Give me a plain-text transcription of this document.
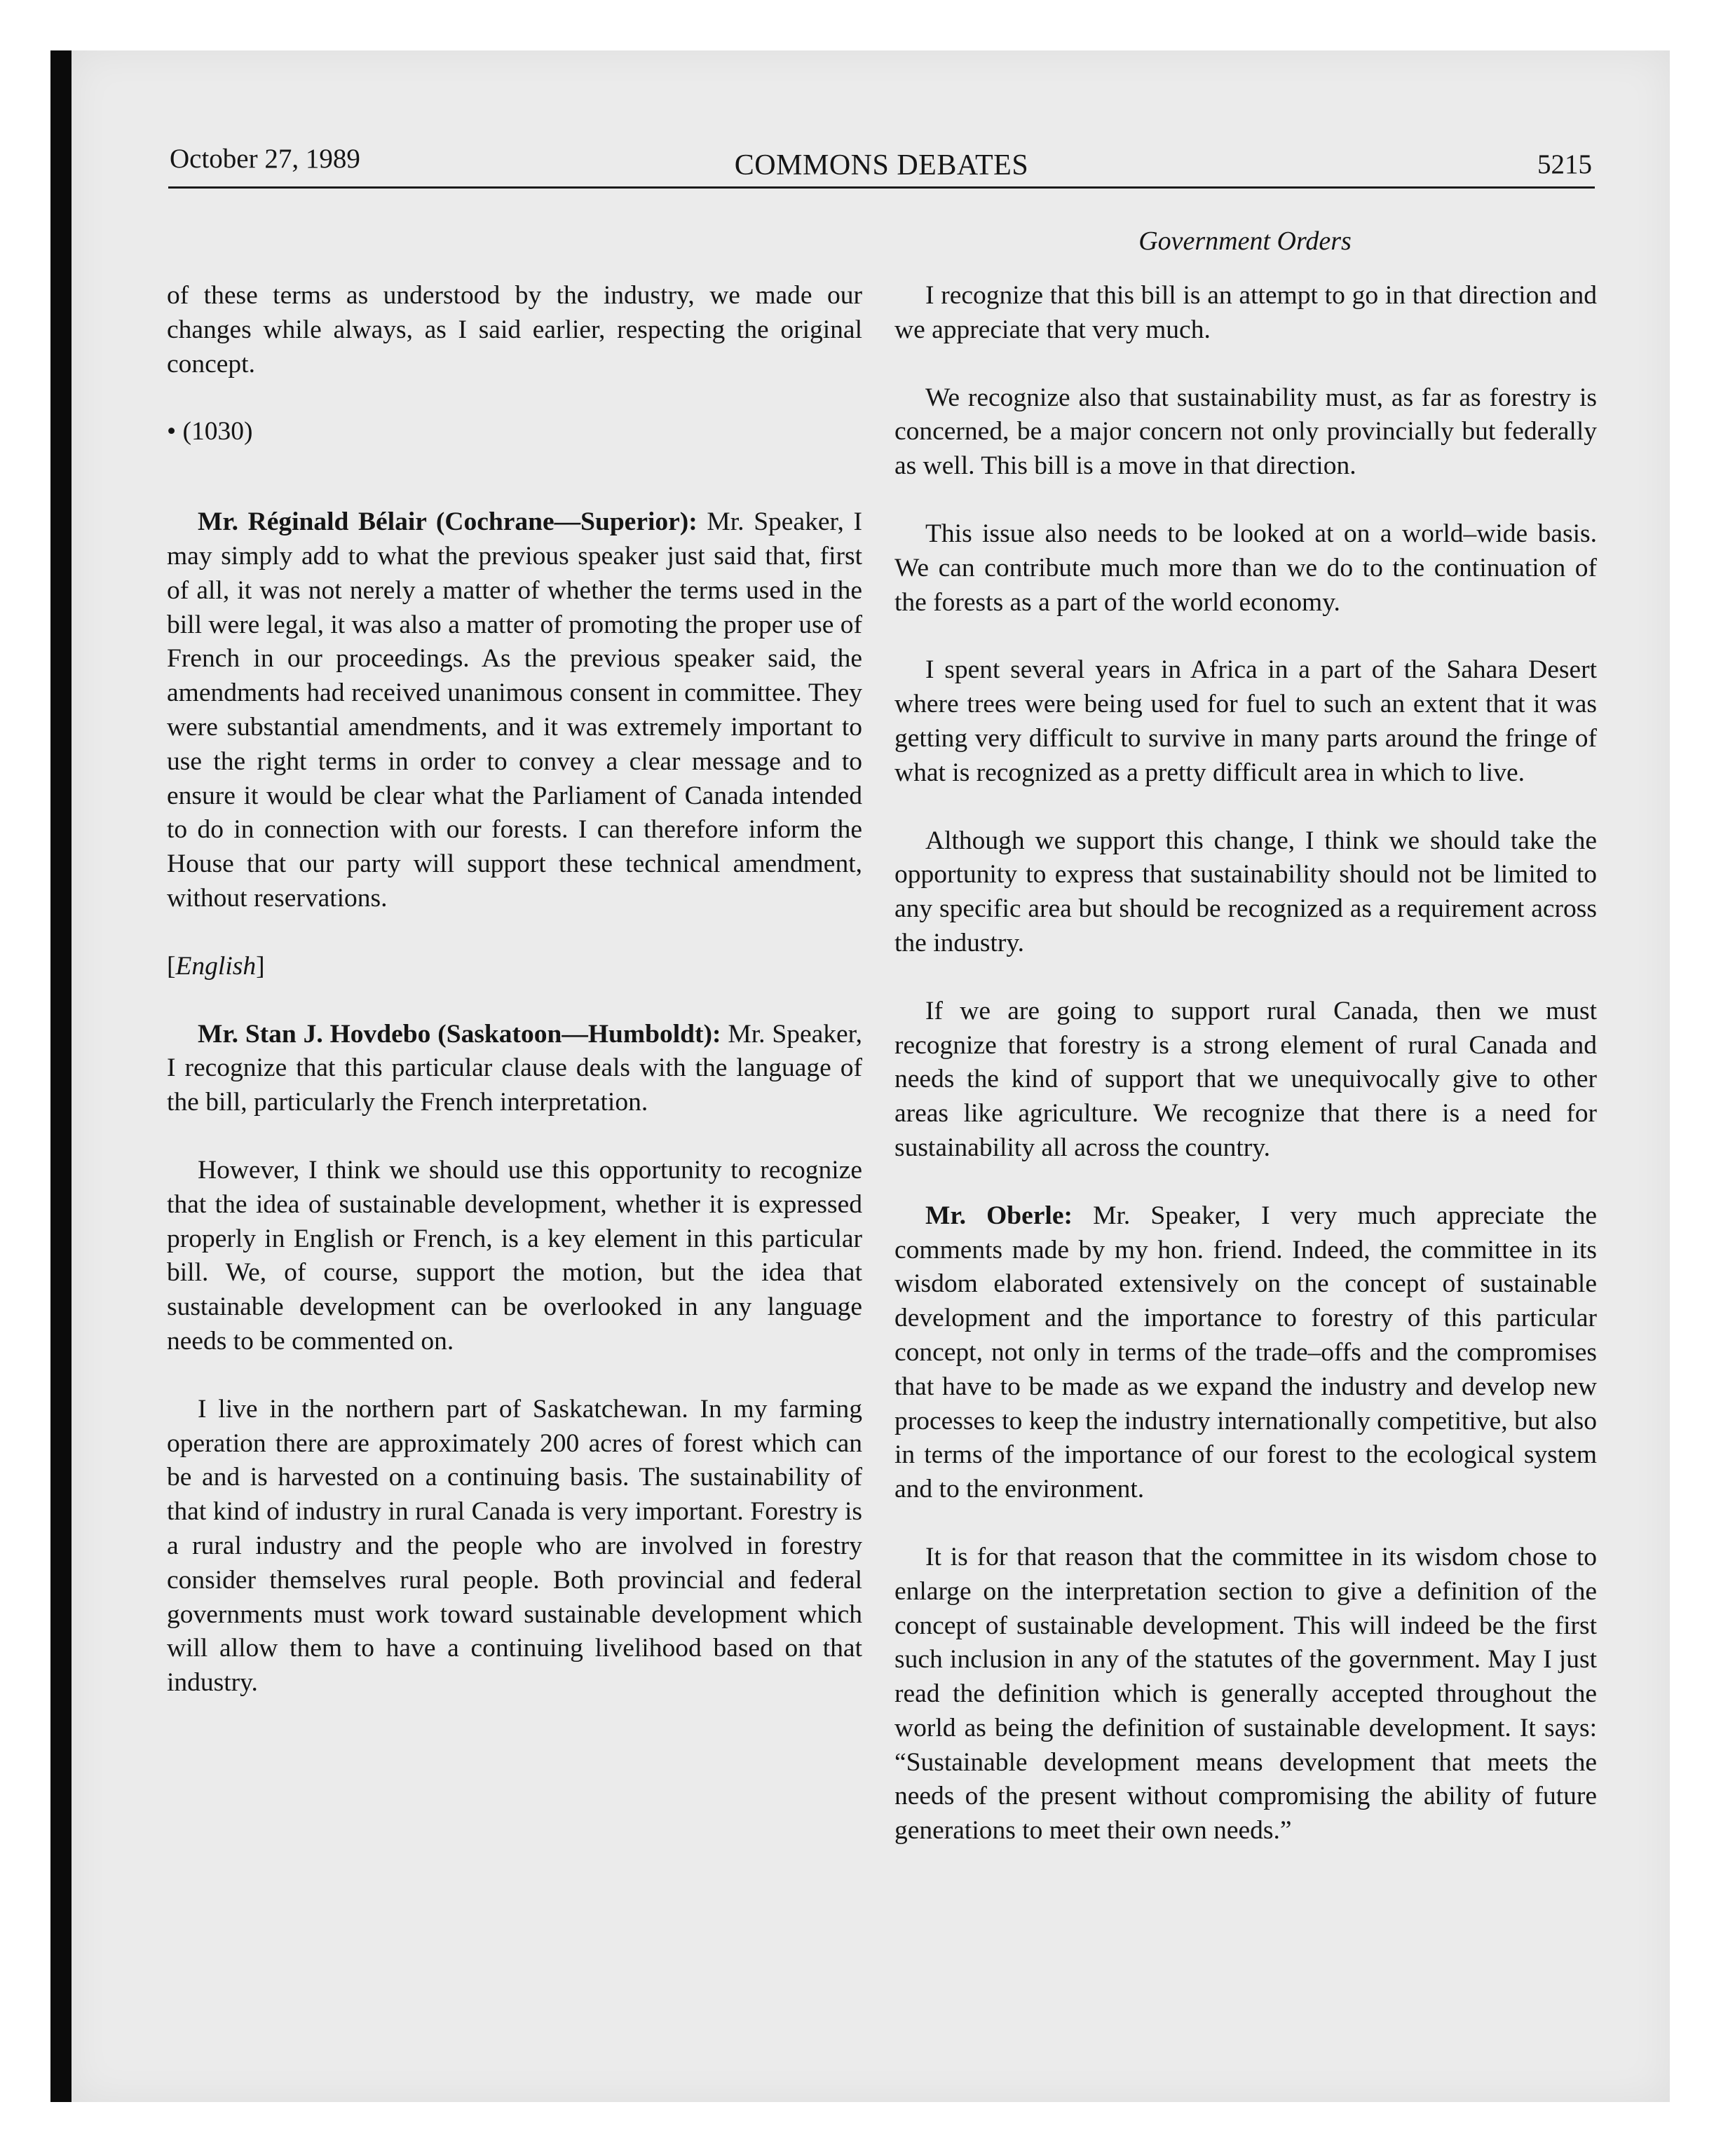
October 27, 1989	COMMONS DEBATES	5215
Government Orders

of these terms as understood by the industry, we made our changes while always, as I said earlier, respecting the original concept.

• (1030)

Mr. Réginald Bélair (Cochrane—Superior): Mr. Speaker, I may simply add to what the previous speaker just said that, first of all, it was not nerely a matter of whether the terms used in the bill were legal, it was also a matter of promoting the proper use of French in our proceedings. As the previous speaker said, the amendments had received unanimous consent in committee. They were substantial amendments, and it was extremely important to use the right terms in order to convey a clear message and to ensure it would be clear what the Parliament of Canada intended to do in connection with our forests. I can therefore inform the House that our party will support these technical amendment, without reservations.

[English]

Mr. Stan J. Hovdebo (Saskatoon—Humboldt): Mr. Speaker, I recognize that this particular clause deals with the language of the bill, particularly the French interpretation.

However, I think we should use this opportunity to recognize that the idea of sustainable development, whether it is expressed properly in English or French, is a key element in this particular bill. We, of course, support the motion, but the idea that sustainable development can be overlooked in any language needs to be commented on.

I live in the northern part of Saskatchewan. In my farming operation there are approximately 200 acres of forest which can be and is harvested on a continuing basis. The sustainability of that kind of industry in rural Canada is very important. Forestry is a rural industry and the people who are involved in forestry consider themselves rural people. Both provincial and federal governments must work toward sustainable development which will allow them to have a continuing livelihood based on that industry.

I recognize that this bill is an attempt to go in that direction and we appreciate that very much.

We recognize also that sustainability must, as far as forestry is concerned, be a major concern not only provincially but federally as well. This bill is a move in that direction.

This issue also needs to be looked at on a world–wide basis. We can contribute much more than we do to the continuation of the forests as a part of the world economy.

I spent several years in Africa in a part of the Sahara Desert where trees were being used for fuel to such an extent that it was getting very difficult to survive in many parts around the fringe of what is recognized as a pretty difficult area in which to live.

Although we support this change, I think we should take the opportunity to express that sustainability should not be limited to any specific area but should be recognized as a requirement across the industry.

If we are going to support rural Canada, then we must recognize that forestry is a strong element of rural Canada and needs the kind of support that we unequivocally give to other areas like agriculture. We recognize that there is a need for sustainability all across the country.

Mr. Oberle: Mr. Speaker, I very much appreciate the comments made by my hon. friend. Indeed, the committee in its wisdom elaborated extensively on the concept of sustainable development and the importance to forestry of this particular concept, not only in terms of the trade–offs and the compromises that have to be made as we expand the industry and develop new processes to keep the industry internationally competitive, but also in terms of the importance of our forest to the ecological system and to the environment.

It is for that reason that the committee in its wisdom chose to enlarge on the interpretation section to give a definition of the concept of sustainable development. This will indeed be the first such inclusion in any of the statutes of the government. May I just read the definition which is generally accepted throughout the world as being the definition of sustainable development. It says: “Sustainable development means development that meets the needs of the present without compromising the ability of future generations to meet their own needs.”
